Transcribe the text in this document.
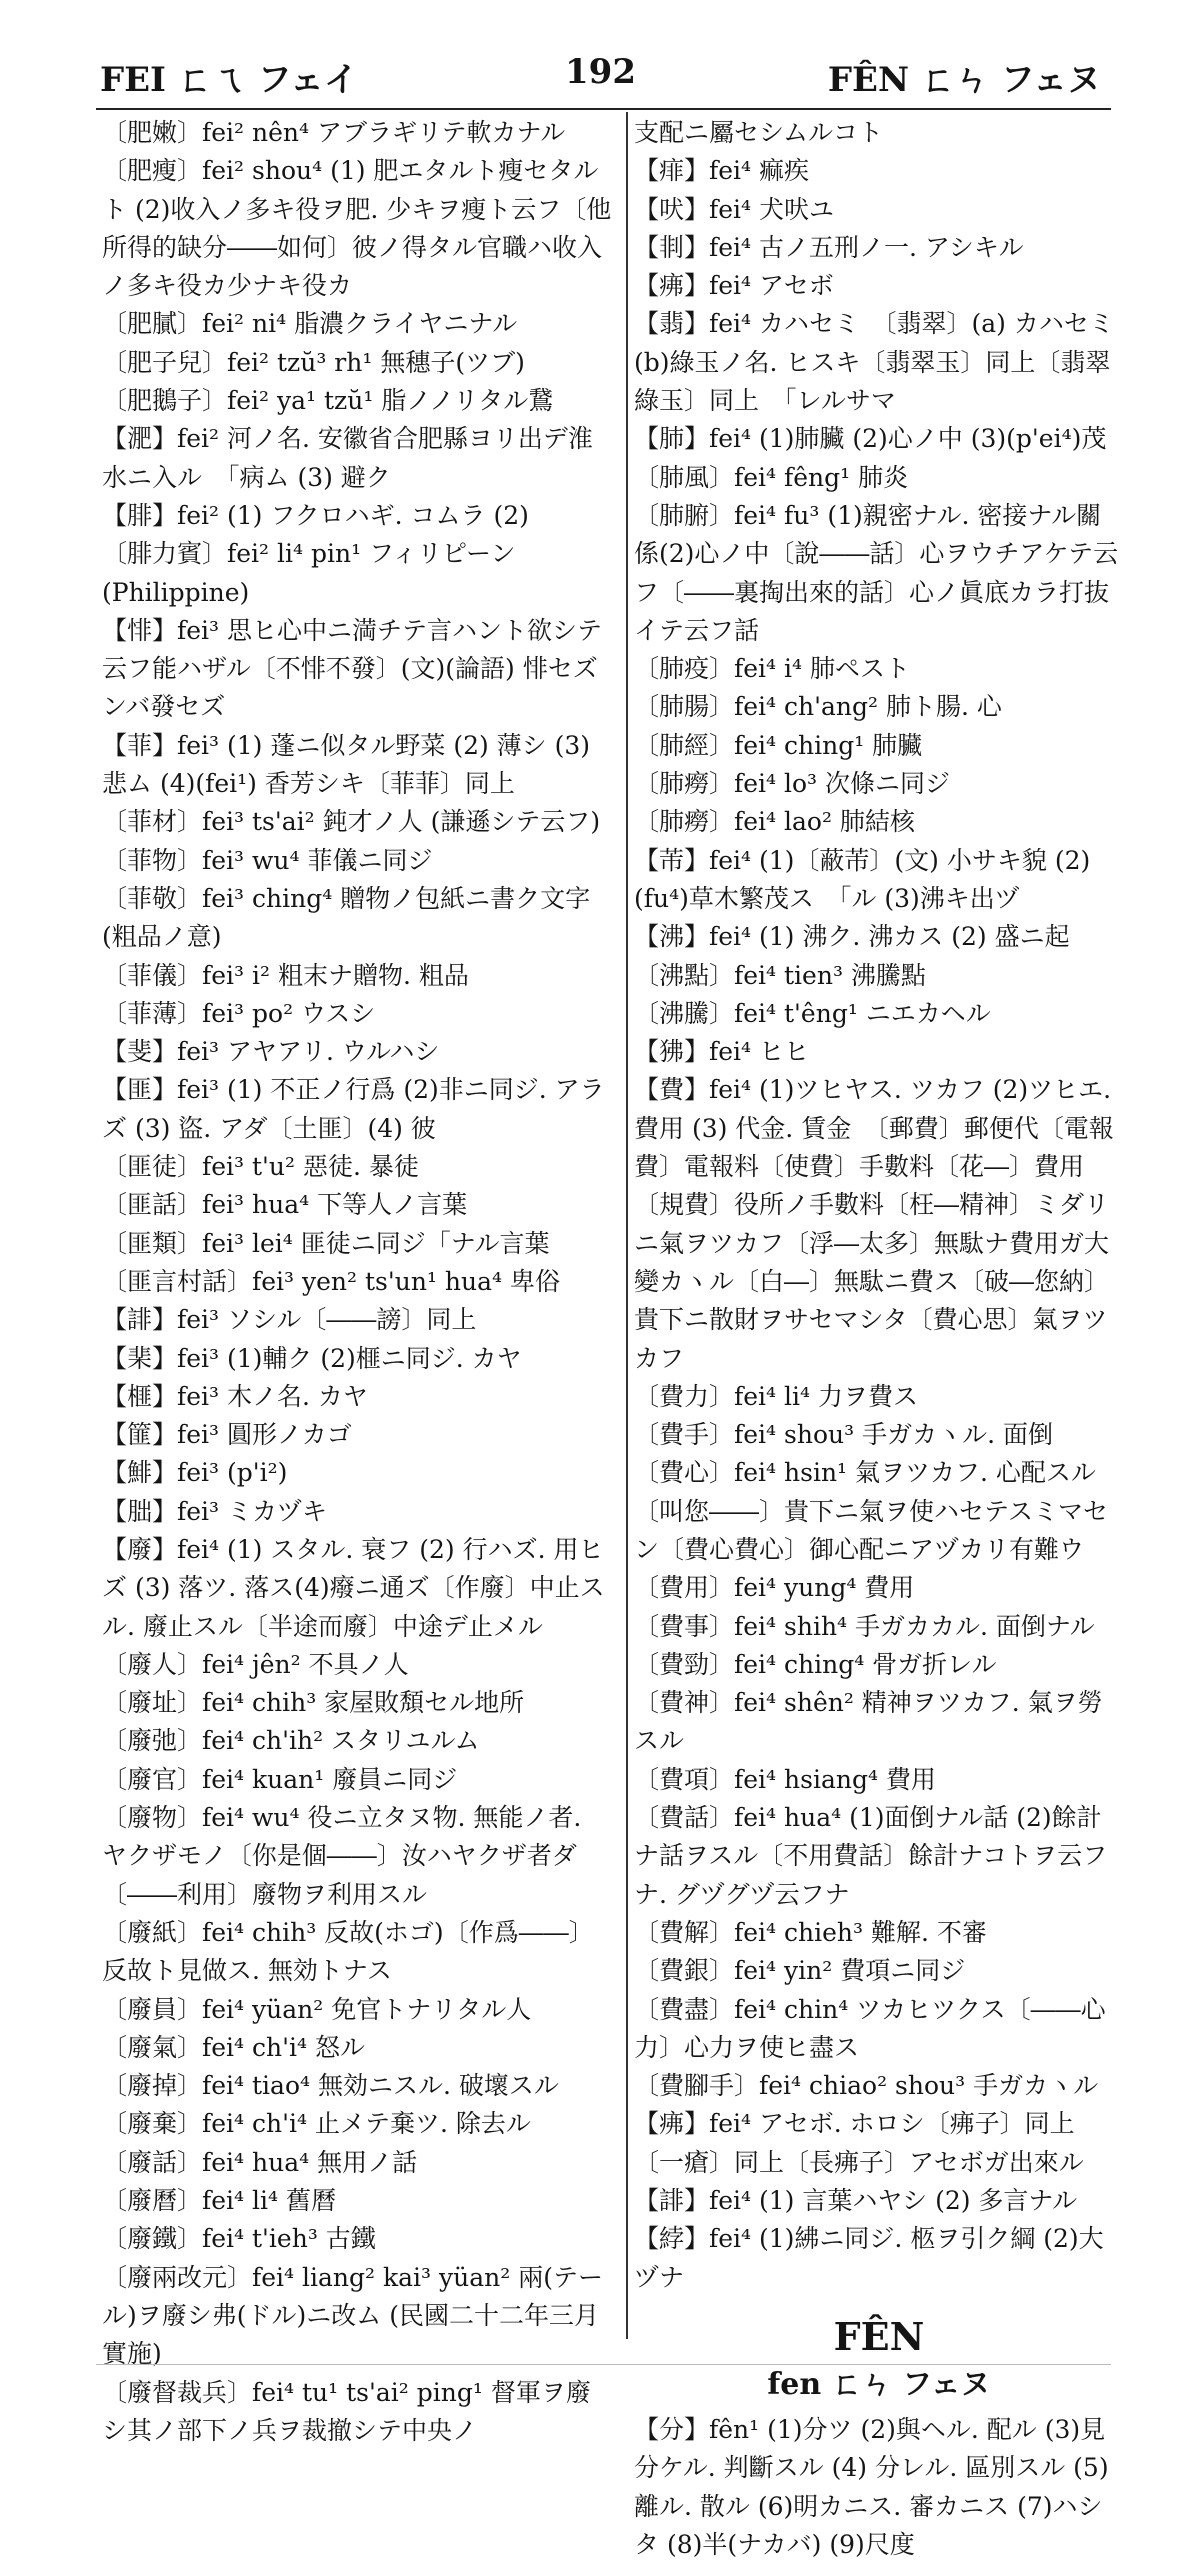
FEI ㄈㄟ フェイ	192	FÊN ㄈㄣ フェヌ

〔肥嫩〕fei² nên⁴ アブラギリテ軟カナル

〔肥瘦〕fei² shou⁴ (1) 肥エタルト瘦セタルト (2)收入ノ多キ役ヲ肥. 少キヲ瘦ト云フ〔他所得的缺分――如何〕彼ノ得タル官職ハ收入ノ多キ役カ少ナキ役カ

〔肥膩〕fei² ni⁴ 脂濃クライヤニナル

〔肥子兒〕fei² tzŭ³ rh¹ 無穗子(ツブ)

〔肥鵝子〕fei² ya¹ tzŭ¹ 脂ノノリタル鵞

【淝】fei² 河ノ名. 安徽省合肥縣ヨリ出デ淮水ニ入ル　「病ム (3) 避ク

【腓】fei² (1) フクロハギ. コムラ (2)

〔腓力賓〕fei² li⁴ pin¹ フィリピーン(Philippine)

【悱】fei³ 思ヒ心中ニ満チテ言ハント欲シテ云フ能ハザル〔不悱不發〕(文)(論語) 悱セズンバ發セズ

【菲】fei³ (1) 蓬ニ似タル野菜 (2) 薄シ (3) 悲ム (4)(fei¹) 香芳シキ〔菲菲〕同上

〔菲材〕fei³ ts'ai² 鈍才ノ人 (謙遜シテ云フ)

〔菲物〕fei³ wu⁴ 菲儀ニ同ジ

〔菲敬〕fei³ ching⁴ 贈物ノ包紙ニ書ク文字(粗品ノ意)

〔菲儀〕fei³ i² 粗末ナ贈物. 粗品

〔菲薄〕fei³ po² ウスシ

【斐】fei³ アヤアリ. ウルハシ

【匪】fei³ (1) 不正ノ行爲 (2)非ニ同ジ. アラズ (3) 盜. アダ〔土匪〕(4) 彼

〔匪徒〕fei³ t'u² 惡徒. 暴徒

〔匪話〕fei³ hua⁴ 下等人ノ言葉

〔匪類〕fei³ lei⁴ 匪徒ニ同ジ「ナル言葉

〔匪言村話〕fei³ yen² ts'un¹ hua⁴ 卑俗

【誹】fei³ ソシル〔――謗〕同上

【棐】fei³ (1)輔ク (2)榧ニ同ジ. カヤ

【榧】fei³ 木ノ名. カヤ

【篚】fei³ 圓形ノカゴ

【鯡】fei³ (p'i²)

【朏】fei³ ミカヅキ

【廢】fei⁴ (1) スタル. 衰フ (2) 行ハズ. 用ヒズ (3) 落ツ. 落ス(4)癈ニ通ズ〔作廢〕中止スル. 廢止スル〔半途而廢〕中途デ止メル

〔廢人〕fei⁴ jên² 不具ノ人

〔廢址〕fei⁴ chih³ 家屋敗頽セル地所

〔廢弛〕fei⁴ ch'ih² スタリユルム

〔廢官〕fei⁴ kuan¹ 廢員ニ同ジ

〔廢物〕fei⁴ wu⁴ 役ニ立タヌ物. 無能ノ者. ヤクザモノ〔你是個――〕汝ハヤクザ者ダ〔――利用〕廢物ヲ利用スル

〔廢紙〕fei⁴ chih³ 反故(ホゴ)〔作爲――〕反故ト見做ス. 無効トナス

〔廢員〕fei⁴ yüan² 免官トナリタル人

〔廢氣〕fei⁴ ch'i⁴ 怒ル

〔廢掉〕fei⁴ tiao⁴ 無効ニスル. 破壞スル

〔廢棄〕fei⁴ ch'i⁴ 止メテ棄ツ. 除去ル

〔廢話〕fei⁴ hua⁴ 無用ノ話

〔廢曆〕fei⁴ li⁴ 舊曆

〔廢鐵〕fei⁴ t'ieh³ 古鐵

〔廢兩改元〕fei⁴ liang² kai³ yüan² 兩(テール)ヲ廢シ弗(ドル)ニ改ム (民國二十二年三月實施)

〔廢督裁兵〕fei⁴ tu¹ ts'ai² ping¹ 督軍ヲ廢シ其ノ部下ノ兵ヲ裁撤シテ中央ノ

支配ニ屬セシムルコト

【痱】fei⁴ 痲疾

【吠】fei⁴ 犬吠ユ

【剕】fei⁴ 古ノ五刑ノ一. アシキル

【疿】fei⁴ アセボ

【翡】fei⁴ カハセミ　〔翡翠〕(a) カハセミ (b)綠玉ノ名. ヒスキ〔翡翠玉〕同上〔翡翠綠玉〕同上　「レルサマ

【肺】fei⁴ (1)肺臟 (2)心ノ中 (3)(p'ei⁴)茂

〔肺風〕fei⁴ fêng¹ 肺炎

〔肺腑〕fei⁴ fu³ (1)親密ナル. 密接ナル關係(2)心ノ中〔說――話〕心ヲウチアケテ云フ〔――裏掏出來的話〕心ノ眞底カラ打抜イテ云フ話

〔肺疫〕fei⁴ i⁴ 肺ペスト

〔肺腸〕fei⁴ ch'ang² 肺ト腸. 心

〔肺經〕fei⁴ ching¹ 肺臟

〔肺癆〕fei⁴ lo³ 次條ニ同ジ

〔肺癆〕fei⁴ lao² 肺結核

【芾】fei⁴ (1)〔蔽芾〕(文) 小サキ貌 (2)(fu⁴)草木繁茂ス　「ル (3)沸キ出ヅ

【沸】fei⁴ (1) 沸ク. 沸カス (2) 盛ニ起

〔沸點〕fei⁴ tien³ 沸騰點

〔沸騰〕fei⁴ t'êng¹ ニエカヘル

【狒】fei⁴ ヒヒ

【費】fei⁴ (1)ツヒヤス. ツカフ (2)ツヒエ. 費用 (3) 代金. 賃金　〔郵費〕郵便代〔電報費〕電報料〔使費〕手數料〔花―〕費用〔規費〕役所ノ手數料〔枉―精神〕ミダリニ氣ヲツカフ〔浮―太多〕無駄ナ費用ガ大變カヽル〔白―〕無駄ニ費ス〔破―您納〕貴下ニ散財ヲサセマシタ〔費心思〕氣ヲツカフ

〔費力〕fei⁴ li⁴ 力ヲ費ス

〔費手〕fei⁴ shou³ 手ガカヽル. 面倒

〔費心〕fei⁴ hsin¹ 氣ヲツカフ. 心配スル〔叫您――〕貴下ニ氣ヲ使ハセテスミマセン〔費心費心〕御心配ニアヅカリ有難ウ

〔費用〕fei⁴ yung⁴ 費用

〔費事〕fei⁴ shih⁴ 手ガカカル. 面倒ナル

〔費勁〕fei⁴ ching⁴ 骨ガ折レル

〔費神〕fei⁴ shên² 精神ヲツカフ. 氣ヲ勞スル

〔費項〕fei⁴ hsiang⁴ 費用

〔費話〕fei⁴ hua⁴ (1)面倒ナル話 (2)餘計ナ話ヲスル〔不用費話〕餘計ナコトヲ云フナ. グヅグヅ云フナ

〔費解〕fei⁴ chieh³ 難解. 不審

〔費銀〕fei⁴ yin² 費項ニ同ジ

〔費盡〕fei⁴ chin⁴ ツカヒツクス〔――心力〕心力ヲ使ヒ盡ス

〔費腳手〕fei⁴ chiao² shou³ 手ガカヽル

【疿】fei⁴ アセボ. ホロシ〔疿子〕同上〔一瘡〕同上〔長疿子〕アセボガ出來ル

【誹】fei⁴ (1) 言葉ハヤシ (2) 多言ナル

【綍】fei⁴ (1)紼ニ同ジ. 柩ヲ引ク綱 (2)大ヅナ

FÊN
fen ㄈㄣ フェヌ

【分】fên¹ (1)分ツ (2)與ヘル. 配ル (3)見分ケル. 判斷スル (4) 分レル. 區別スル (5)離ル. 散ル (6)明カニス. 審カニス (7)ハシタ (8)半(ナカバ) (9)尺度
